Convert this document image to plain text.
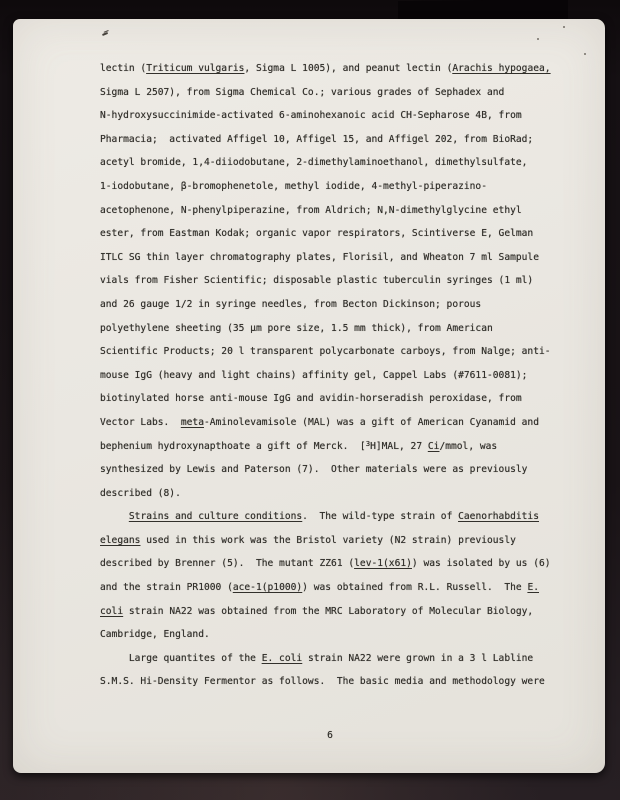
lectin (Triticum vulgaris, Sigma L 1005), and peanut lectin (Arachis hypogaea,
Sigma L 2507), from Sigma Chemical Co.; various grades of Sephadex and
N-hydroxysuccinimide-activated 6-aminohexanoic acid CH-Sepharose 4B, from
Pharmacia;  activated Affigel 10, Affigel 15, and Affigel 202, from BioRad;
acetyl bromide, 1,4-diiodobutane, 2-dimethylaminoethanol, dimethylsulfate,
1-iodobutane, β-bromophenetole, methyl iodide, 4-methyl-piperazino-
acetophenone, N-phenylpiperazine, from Aldrich; N,N-dimethylglycine ethyl
ester, from Eastman Kodak; organic vapor respirators, Scintiverse E, Gelman
ITLC SG thin layer chromatography plates, Florisil, and Wheaton 7 ml Sampule
vials from Fisher Scientific; disposable plastic tuberculin syringes (1 ml)
and 26 gauge 1/2 in syringe needles, from Becton Dickinson; porous
polyethylene sheeting (35 μm pore size, 1.5 mm thick), from American
Scientific Products; 20 l transparent polycarbonate carboys, from Nalge; anti-
mouse IgG (heavy and light chains) affinity gel, Cappel Labs (#7611-0081);
biotinylated horse anti-mouse IgG and avidin-horseradish peroxidase, from
Vector Labs.  meta-Aminolevamisole (MAL) was a gift of American Cyanamid and
bephenium hydroxynapthoate a gift of Merck.  [3H]MAL, 27 Ci/mmol, was
synthesized by Lewis and Paterson (7).  Other materials were as previously
described (8).
Strains and culture conditions.  The wild-type strain of Caenorhabditis
elegans used in this work was the Bristol variety (N2 strain) previously
described by Brenner (5).  The mutant ZZ61 (lev-1(x61)) was isolated by us (6)
and the strain PR1000 (ace-1(p1000)) was obtained from R.L. Russell.  The E.
coli strain NA22 was obtained from the MRC Laboratory of Molecular Biology,
Cambridge, England.
Large quantites of the E. coli strain NA22 were grown in a 3 l Labline
S.M.S. Hi-Density Fermentor as follows.  The basic media and methodology were
6
